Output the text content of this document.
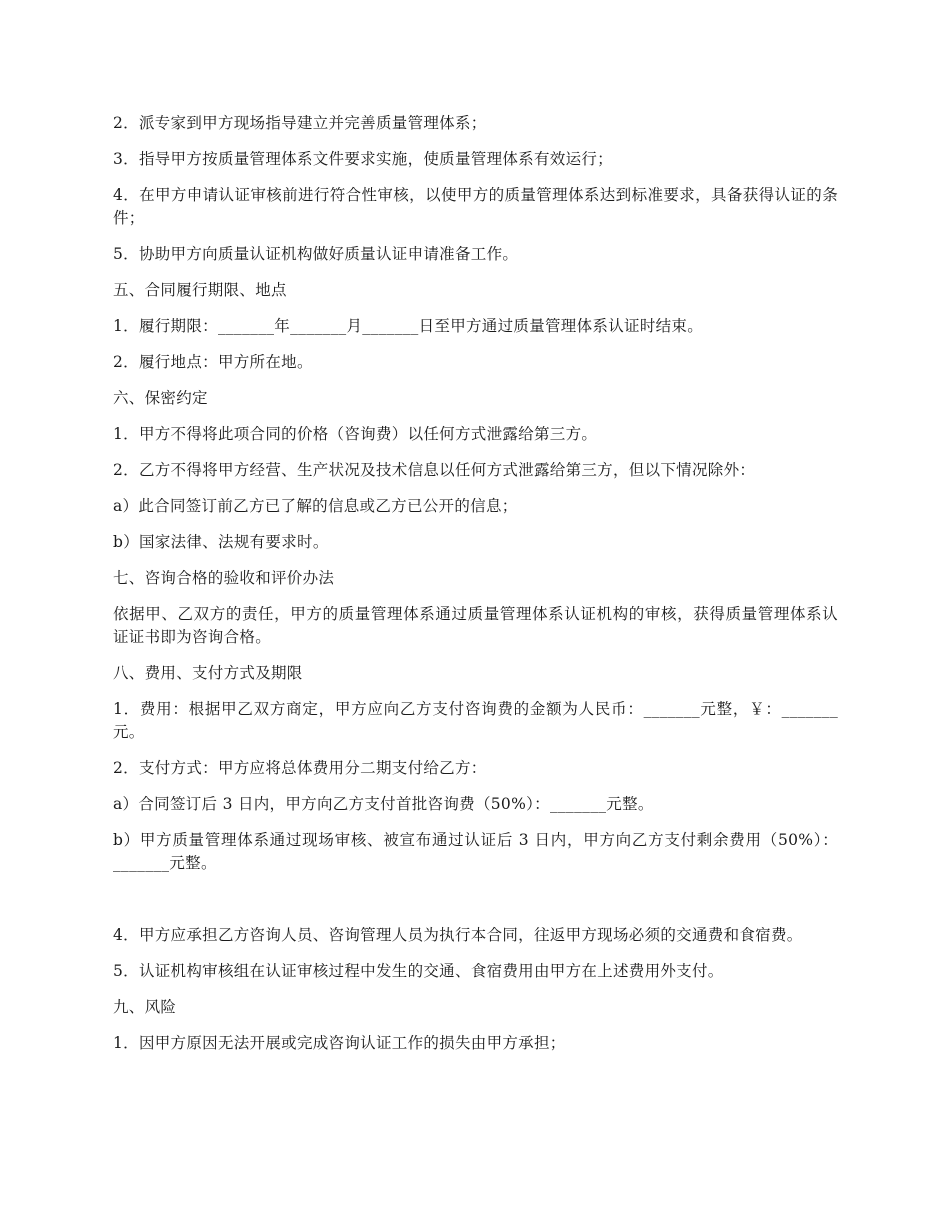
2．派专家到甲方现场指导建立并完善质量管理体系；

3．指导甲方按质量管理体系文件要求实施，使质量管理体系有效运行；

4．在甲方申请认证审核前进行符合性审核，以使甲方的质量管理体系达到标准要求，具备获得认证的条件；

5．协助甲方向质量认证机构做好质量认证申请准备工作。

五、合同履行期限、地点

1．履行期限：_______年_______月_______日至甲方通过质量管理体系认证时结束。

2．履行地点：甲方所在地。

六、保密约定

1．甲方不得将此项合同的价格（咨询费）以任何方式泄露给第三方。

2．乙方不得将甲方经营、生产状况及技术信息以任何方式泄露给第三方，但以下情况除外：

a）此合同签订前乙方已了解的信息或乙方已公开的信息；

b）国家法律、法规有要求时。

七、咨询合格的验收和评价办法

依据甲、乙双方的责任，甲方的质量管理体系通过质量管理体系认证机构的审核，获得质量管理体系认证证书即为咨询合格。

八、费用、支付方式及期限

1．费用：根据甲乙双方商定，甲方应向乙方支付咨询费的金额为人民币：_______元整，￥：_______元。

2．支付方式：甲方应将总体费用分二期支付给乙方：

a）合同签订后 3 日内，甲方向乙方支付首批咨询费（50%）：_______元整。

b）甲方质量管理体系通过现场审核、被宣布通过认证后 3 日内，甲方向乙方支付剩余费用（50%）：_______元整。

4．甲方应承担乙方咨询人员、咨询管理人员为执行本合同，往返甲方现场必须的交通费和食宿费。

5．认证机构审核组在认证审核过程中发生的交通、食宿费用由甲方在上述费用外支付。

九、风险

1．因甲方原因无法开展或完成咨询认证工作的损失由甲方承担；
